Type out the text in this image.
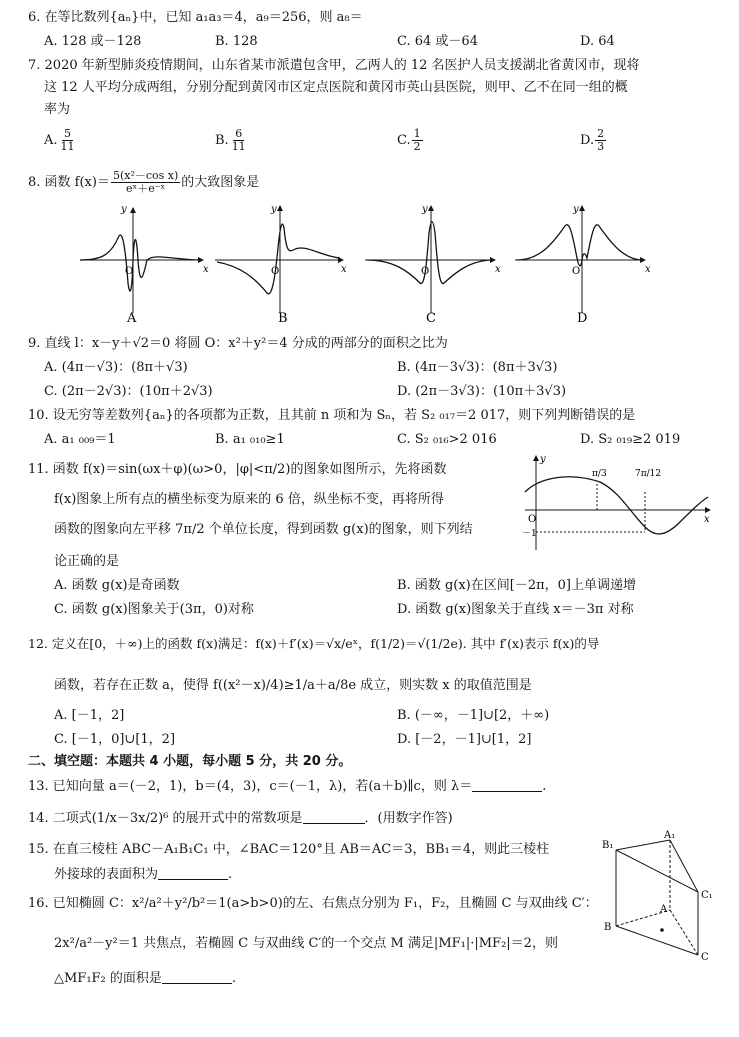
6. 在等比数列{aₙ}中，已知 a₁a₃＝4，a₉＝256，则 a₈＝
A. 128 或－128	B. 128	C. 64 或－64	D. 64
7. 2020 年新型肺炎疫情期间，山东省某市派遣包含甲，乙两人的 12 名医护人员支援湖北省黄冈市，现将
这 12 人平均分成两组，分别分配到黄冈市区定点医院和黄冈市英山县医院，则甲、乙不在同一组的概
率为
A. $\frac{5}{11}$	B. $\frac{6}{11}$	C. $\frac{1}{2}$	D. $\frac{2}{3}$
8. 函数 $f(x)= \frac{\text{5(x²－cos x)}}{\text{eˣ＋e⁻ˣ}}$ 的大致图象是
O
y
x
A
O
y
x
B
O
y
x
C
O
y
x
D
9. 直线 l：x－y＋√2＝0 将圆 O：x²＋y²＝4 分成的两部分的面积之比为
A. (4π－√3)：(8π＋√3)	B. (4π－3√3)：(8π＋3√3)
C. (2π－2√3)：(10π＋2√3)	D. (2π－3√3)：(10π＋3√3)
10. 设无穷等差数列{aₙ}的各项都为正数，且其前 n 项和为 Sₙ，若 S₂ ₀₁₇＝2 017，则下列判断错误的是
A. a₁ ₀₀₉＝1	B. a₁ ₀₁₀≥1	C. S₂ ₀₁₆>2 016	D. S₂ ₀₁₉≥2 019
11. 函数 f(x)＝sin(ωx＋φ)(ω>0，|φ|<π/2)的图象如图所示，先将函数
f(x)图象上所有点的横坐标变为原来的 6 倍，纵坐标不变，再将所得
函数的图象向左平移 7π/2 个单位长度，得到函数 g(x)的图象，则下列结
论正确的是
π/3	7π/12
－1
O
y
x
A. 函数 g(x)是奇函数	B. 函数 g(x)在区间[－2π，0]上单调递增
C. 函数 g(x)图象关于(3π，0)对称	D. 函数 g(x)图象关于直线 x＝－3π 对称
12. 定义在[0，＋∞)上的函数 f(x)满足：f(x)＋f′(x)＝√x/eˣ，f(1/2)＝√(1/2e). 其中 f′(x)表示 f(x)的导
函数，若存在正数 a，使得 f((x²－x)/4)≥1/a＋a/8e 成立，则实数 x 的取值范围是
A. [－1，2]	B. (－∞，－1]∪[2，＋∞)
C. [－1，0]∪[1，2]	D. [－2，－1]∪[1，2]
二、填空题：本题共 4 小题，每小题 5 分，共 20 分。
13. 已知向量 a＝(－2，1)，b＝(4，3)，c＝(－1，λ)，若(a＋b)∥c，则 λ＝	.
14. 二项式(1/x－3x/2)⁶ 的展开式中的常数项是	．(用数字作答)
15. 在直三棱柱 ABC－A₁B₁C₁ 中，∠BAC＝120°且 AB＝AC＝3，BB₁＝4，则此三棱柱
外接球的表面积为	.
16. 已知椭圆 C：x²/a²＋y²/b²＝1(a>b>0)的左、右焦点分别为 F₁，F₂，且椭圆 C 与双曲线 C′：
2x²/a²－y²＝1 共焦点，若椭圆 C 与双曲线 C′的一个交点 M 满足|MF₁|·|MF₂|＝2，则
△MF₁F₂ 的面积是	.
A₁
B₁
C₁
A
B
C
